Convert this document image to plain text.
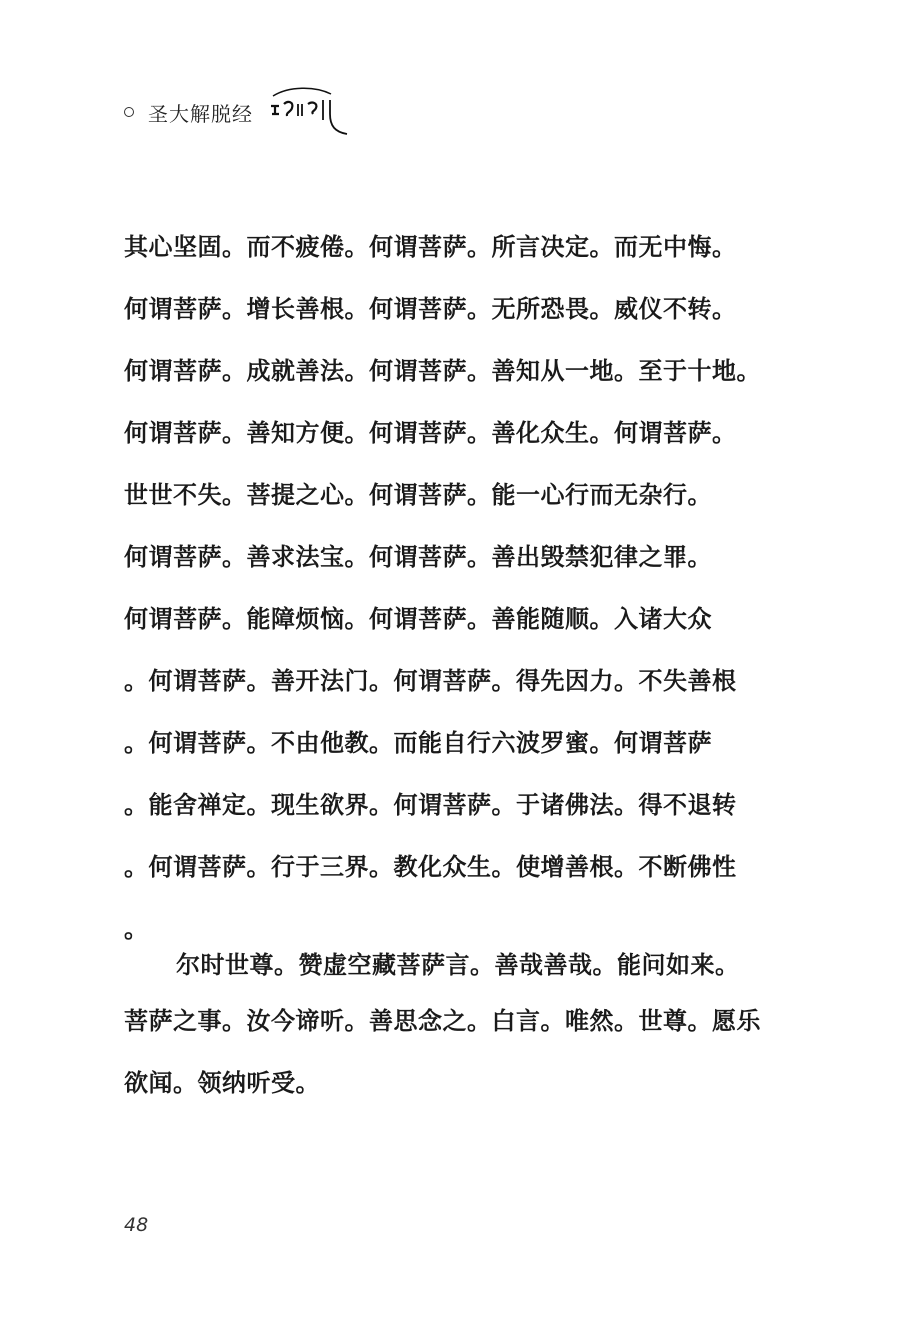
圣大解脱经
其心坚固。而不疲倦。何谓菩萨。所言决定。而无中悔。
何谓菩萨。增长善根。何谓菩萨。无所恐畏。威仪不转。
何谓菩萨。成就善法。何谓菩萨。善知从一地。至于十地。
何谓菩萨。善知方便。何谓菩萨。善化众生。何谓菩萨。
世世不失。菩提之心。何谓菩萨。能一心行而无杂行。
何谓菩萨。善求法宝。何谓菩萨。善出毁禁犯律之罪。
何谓菩萨。能障烦恼。何谓菩萨。善能随顺。入诸大众
。何谓菩萨。善开法门。何谓菩萨。得先因力。不失善根
。何谓菩萨。不由他教。而能自行六波罗蜜。何谓菩萨
。能舍禅定。现生欲界。何谓菩萨。于诸佛法。得不退转
。何谓菩萨。行于三界。教化众生。使增善根。不断佛性
。
尔时世尊。赞虚空藏菩萨言。善哉善哉。能问如来。
菩萨之事。汝今谛听。善思念之。白言。唯然。世尊。愿乐
欲闻。领纳听受。
48
